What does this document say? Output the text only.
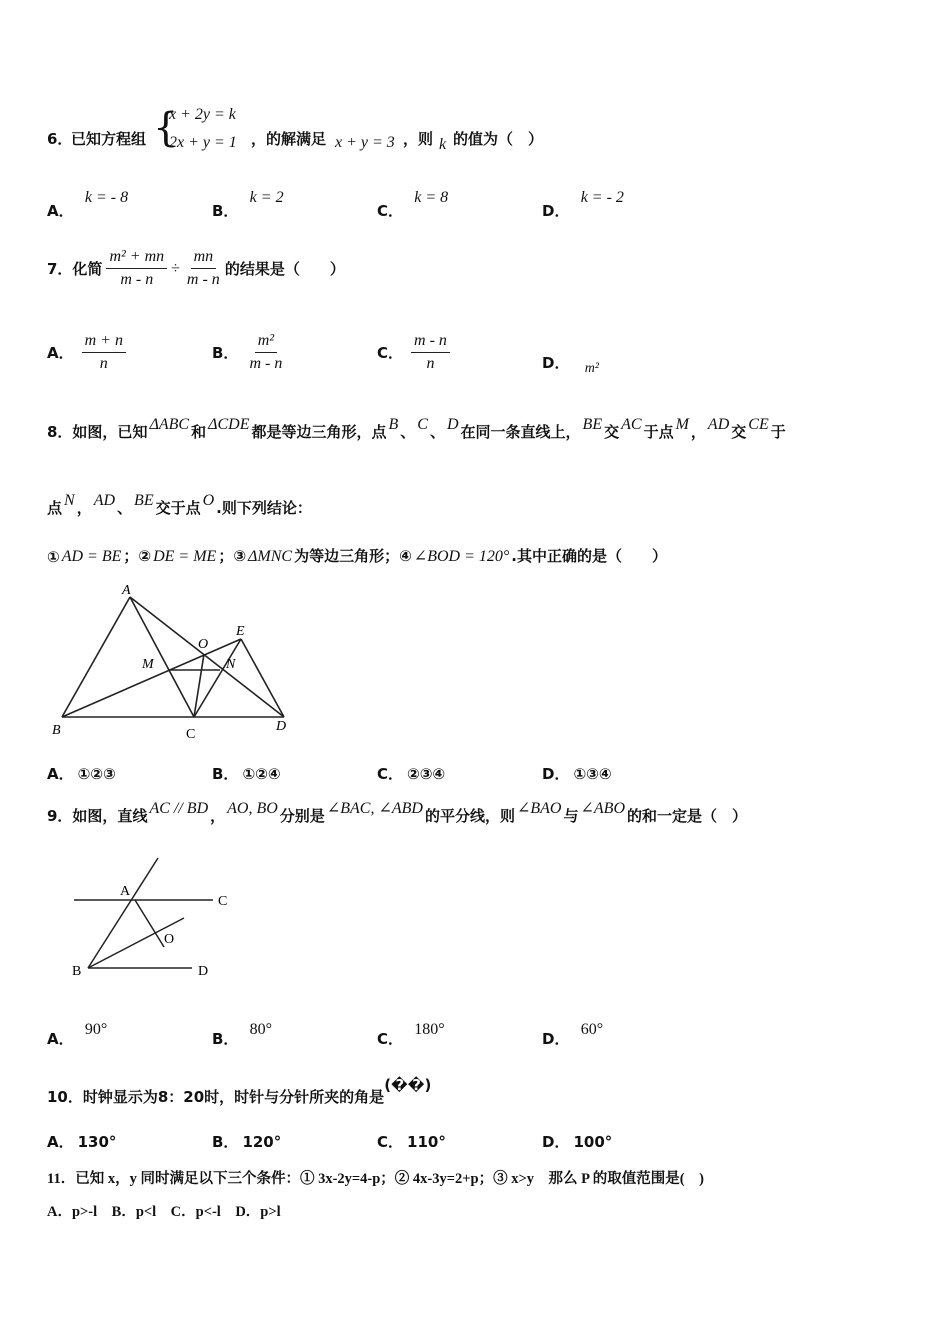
6．
已知方程组 {
x + 2y = k
2x + y = 1 ，的解满足 x + y = 3 ，则 k 的值为（　）
A． k = - 8
B． k = 2
C． k = 8
D． k = - 2
7．化简 $\frac{\text{m² + mn}}{m - n} \div \frac{mn}{m - n}$ 的结果是（　　）
A． $\frac{m + n}{n}$	B． $\frac{\text{m²}}{m - n}$	C． $\frac{m - n}{n}$	D． m²
8．如图，已知 ΔABC 和 ΔCDE 都是等边三角形，点 B 、 C 、 D 在同一条直线上， BE 交 AC 于点 M ， AD 交 CE 于
点 N ， AD 、 BE 交于点 O .则下列结论：
① AD = BE ；② DE = ME ；③ ΔMNC 为等边三角形；④ ∠BOD = 120° .其中正确的是（　　）
A
B	C
D
E
M	N
O
A． ①②③	B． ①②④	C． ②③④	D． ①③④
9．如图，直线 AC // BD ， AO, BO 分别是 ∠BAC, ∠ABD 的平分线，则 ∠BAO 与 ∠ABO 的和一定是（　）
A
C
O
B	D
A． 90°
B． 80°
C． 180°
D． 60°
10．时钟显示为8：20时，时针与分针所夹的角是(��)
A． 130°	B． 120°	C． 110°	D． 100°
11．已知 x，y 同时满足以下三个条件：① 3x-2y=4-p；② 4x-3y=2+p；③ x>y　那么 P 的取值范围是(　)
A．p>-l　B．p<l　C．p<-l　D．p>l
